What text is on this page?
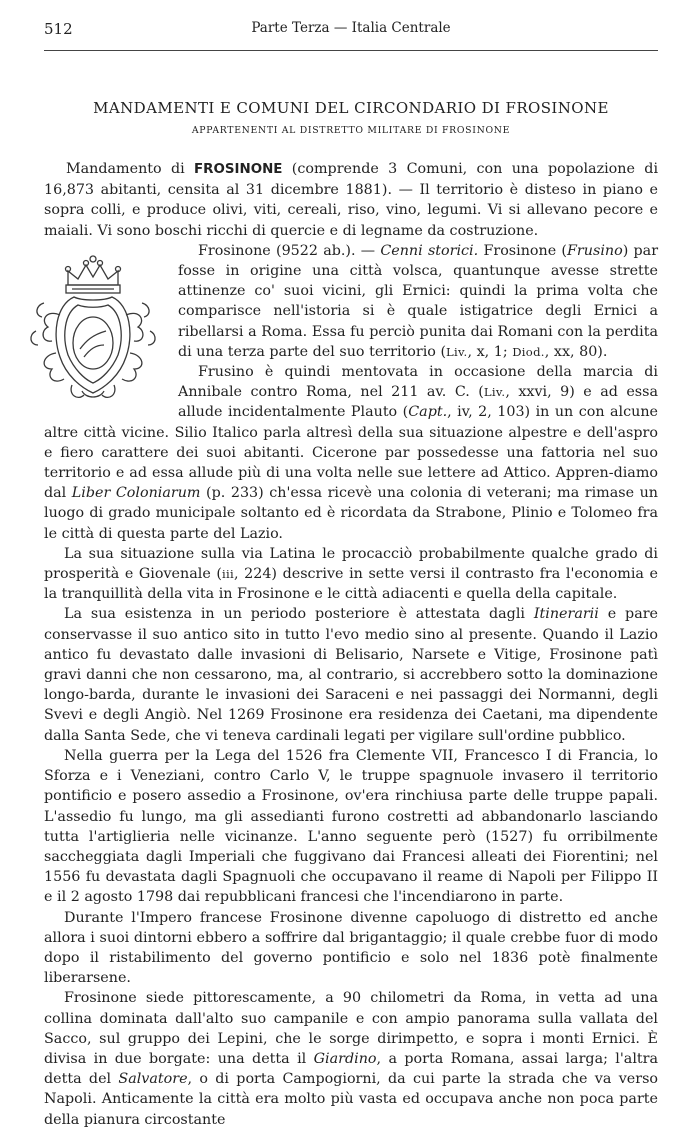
512	Parte Terza — Italia Centrale
MANDAMENTI E COMUNI DEL CIRCONDARIO DI FROSINONE
APPARTENENTI AL DISTRETTO MILITARE DI FROSINONE

Mandamento di FROSINONE (comprende 3 Comuni, con una popolazione di 16,873 abitanti, censita al 31 dicembre 1881). — Il territorio è disteso in piano e sopra colli, e produce olivi, viti, cereali, riso, vino, legumi. Vi si allevano pecore e maiali. Vi sono boschi ricchi di quercie e di legname da costruzione.

Frosinone (9522 ab.). — Cenni storici. Frosinone (Frusino) par fosse in origine una città volsca, quantunque avesse strette attinenze co' suoi vicini, gli Ernici: quindi la prima volta che comparisce nell'istoria si è quale istigatrice degli Ernici a ribellarsi a Roma. Essa fu perciò punita dai Romani con la perdita di una terza parte del suo territorio (Liv., x, 1; Diod., xx, 80).

Frusino è quindi mentovata in occasione della marcia di Annibale contro Roma, nel 211 av. C. (Liv., xxvi, 9) e ad essa allude incidentalmente Plauto (Capt., iv, 2, 103) in un con alcune altre città vicine. Silio Italico parla altresì della sua situazione alpestre e dell'aspro e fiero carattere dei suoi abitanti. Cicerone par possedesse una fattoria nel suo territorio e ad essa allude più di una volta nelle sue lettere ad Attico. Appren-diamo dal Liber Coloniarum (p. 233) ch'essa ricevè una colonia di veterani; ma rimase un luogo di grado municipale soltanto ed è ricordata da Strabone, Plinio e Tolomeo fra le città di questa parte del Lazio.

La sua situazione sulla via Latina le procacciò probabilmente qualche grado di prosperità e Giovenale (iii, 224) descrive in sette versi il contrasto fra l'economia e la tranquillità della vita in Frosinone e le città adiacenti e quella della capitale.

La sua esistenza in un periodo posteriore è attestata dagli Itinerarii e pare conservasse il suo antico sito in tutto l'evo medio sino al presente. Quando il Lazio antico fu devastato dalle invasioni di Belisario, Narsete e Vitige, Frosinone patì gravi danni che non cessarono, ma, al contrario, si accrebbero sotto la dominazione longo-barda, durante le invasioni dei Saraceni e nei passaggi dei Normanni, degli Svevi e degli Angiò. Nel 1269 Frosinone era residenza dei Caetani, ma dipendente dalla Santa Sede, che vi teneva cardinali legati per vigilare sull'ordine pubblico.

Nella guerra per la Lega del 1526 fra Clemente VII, Francesco I di Francia, lo Sforza e i Veneziani, contro Carlo V, le truppe spagnuole invasero il territorio pontificio e posero assedio a Frosinone, ov'era rinchiusa parte delle truppe papali. L'assedio fu lungo, ma gli assedianti furono costretti ad abbandonarlo lasciando tutta l'artiglieria nelle vicinanze. L'anno seguente però (1527) fu orribilmente saccheggiata dagli Imperiali che fuggivano dai Francesi alleati dei Fiorentini; nel 1556 fu devastata dagli Spagnuoli che occupavano il reame di Napoli per Filippo II e il 2 agosto 1798 dai repubblicani francesi che l'incendiarono in parte.

Durante l'Impero francese Frosinone divenne capoluogo di distretto ed anche allora i suoi dintorni ebbero a soffrire dal brigantaggio; il quale crebbe fuor di modo dopo il ristabilimento del governo pontificio e solo nel 1836 potè finalmente liberarsene.

Frosinone siede pittorescamente, a 90 chilometri da Roma, in vetta ad una collina dominata dall'alto suo campanile e con ampio panorama sulla vallata del Sacco, sul gruppo dei Lepini, che le sorge dirimpetto, e sopra i monti Ernici. È divisa in due borgate: una detta il Giardino, a porta Romana, assai larga; l'altra detta del Salvatore, o di porta Campogiorni, da cui parte la strada che va verso Napoli. Anticamente la città era molto più vasta ed occupava anche non poca parte della pianura circostante
